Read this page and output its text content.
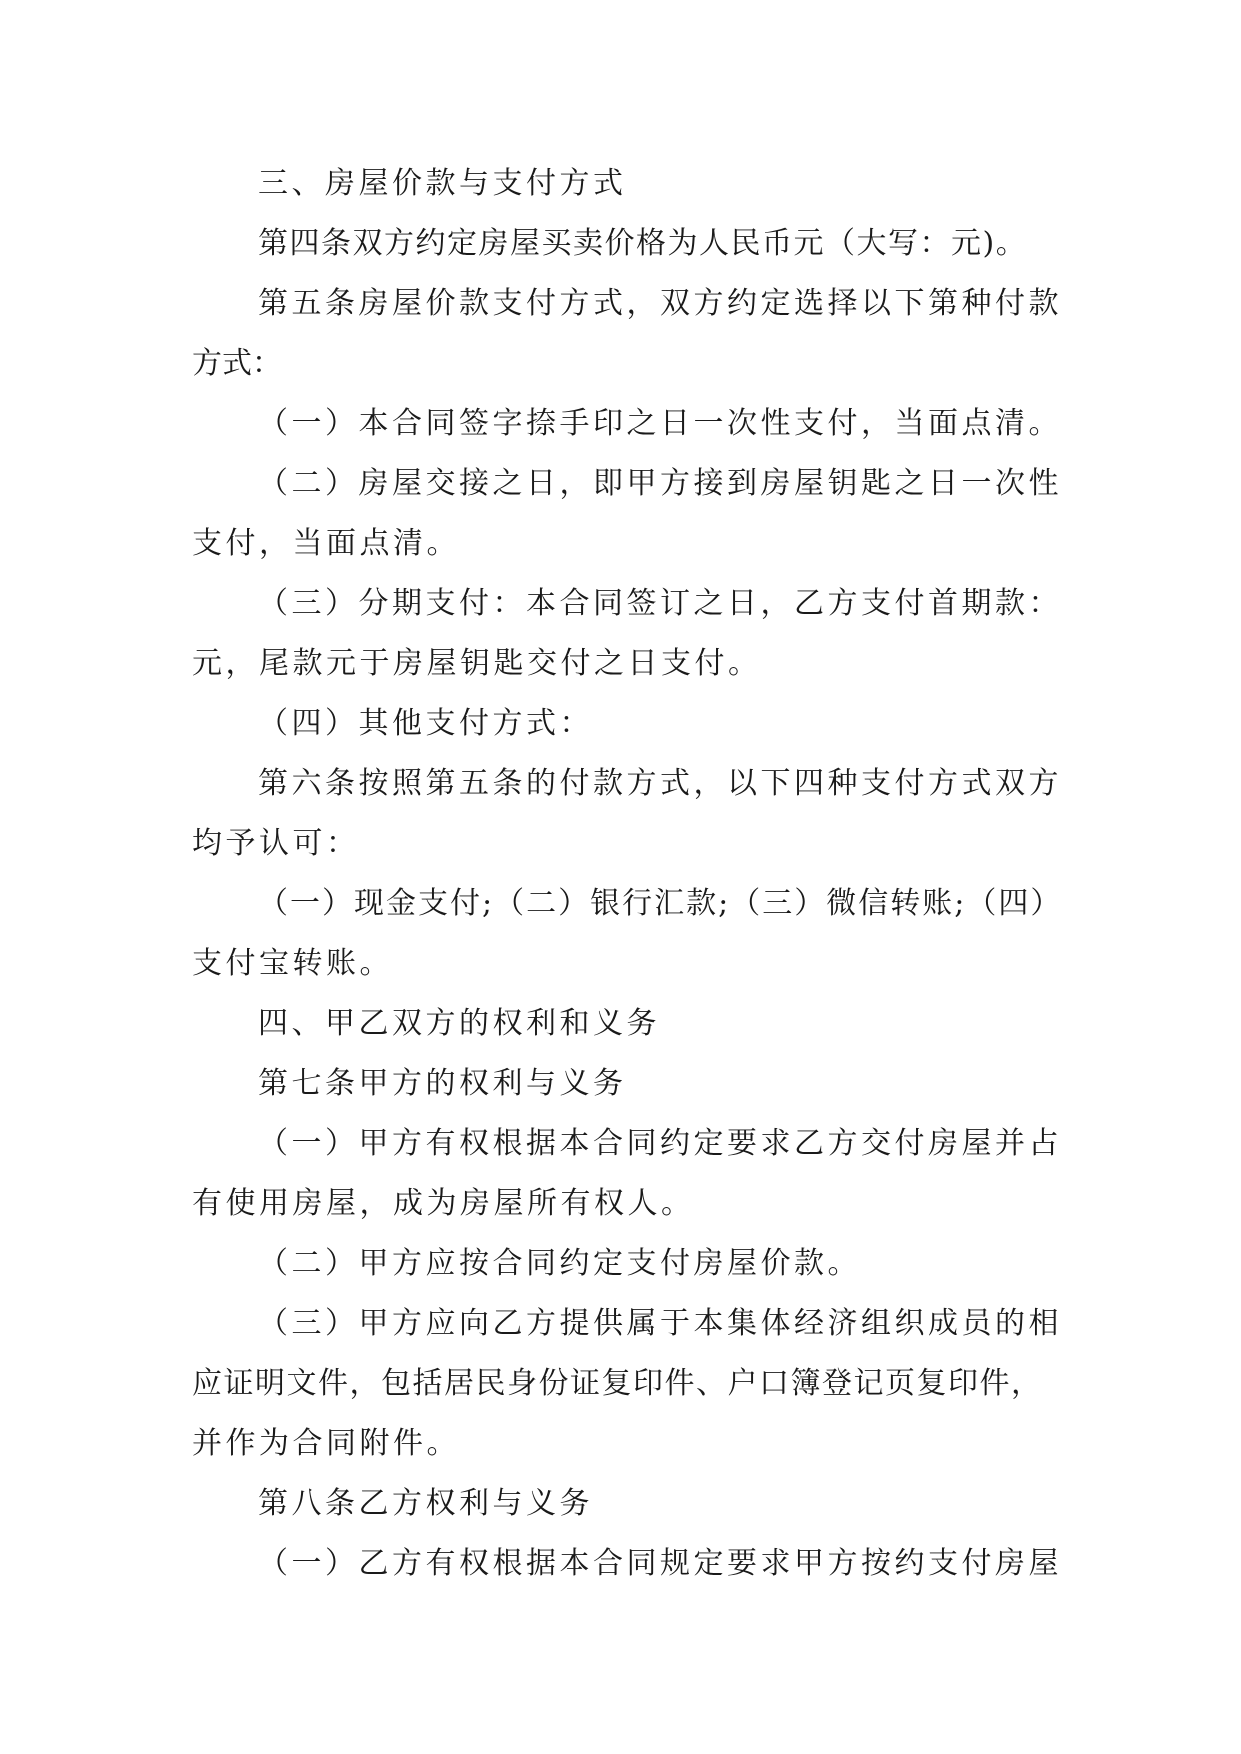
三、房屋价款与支付方式

第四条双方约定房屋买卖价格为人民币元（大写：元)。

第五条房屋价款支付方式，双方约定选择以下第种付款

方式：

（一）本合同签字捺手印之日一次性支付，当面点清。

（二）房屋交接之日，即甲方接到房屋钥匙之日一次性

支付，当面点清。

（三）分期支付：本合同签订之日，乙方支付首期款：

元，尾款元于房屋钥匙交付之日支付。

（四）其他支付方式：

第六条按照第五条的付款方式，以下四种支付方式双方

均予认可：

（一）现金支付;（二）银行汇款;（三）微信转账;（四）

支付宝转账。

四、甲乙双方的权利和义务

第七条甲方的权利与义务

（一）甲方有权根据本合同约定要求乙方交付房屋并占

有使用房屋，成为房屋所有权人。

（二）甲方应按合同约定支付房屋价款。

（三）甲方应向乙方提供属于本集体经济组织成员的相

应证明文件，包括居民身份证复印件、户口簿登记页复印件，

并作为合同附件。

第八条乙方权利与义务

（一）乙方有权根据本合同规定要求甲方按约支付房屋
